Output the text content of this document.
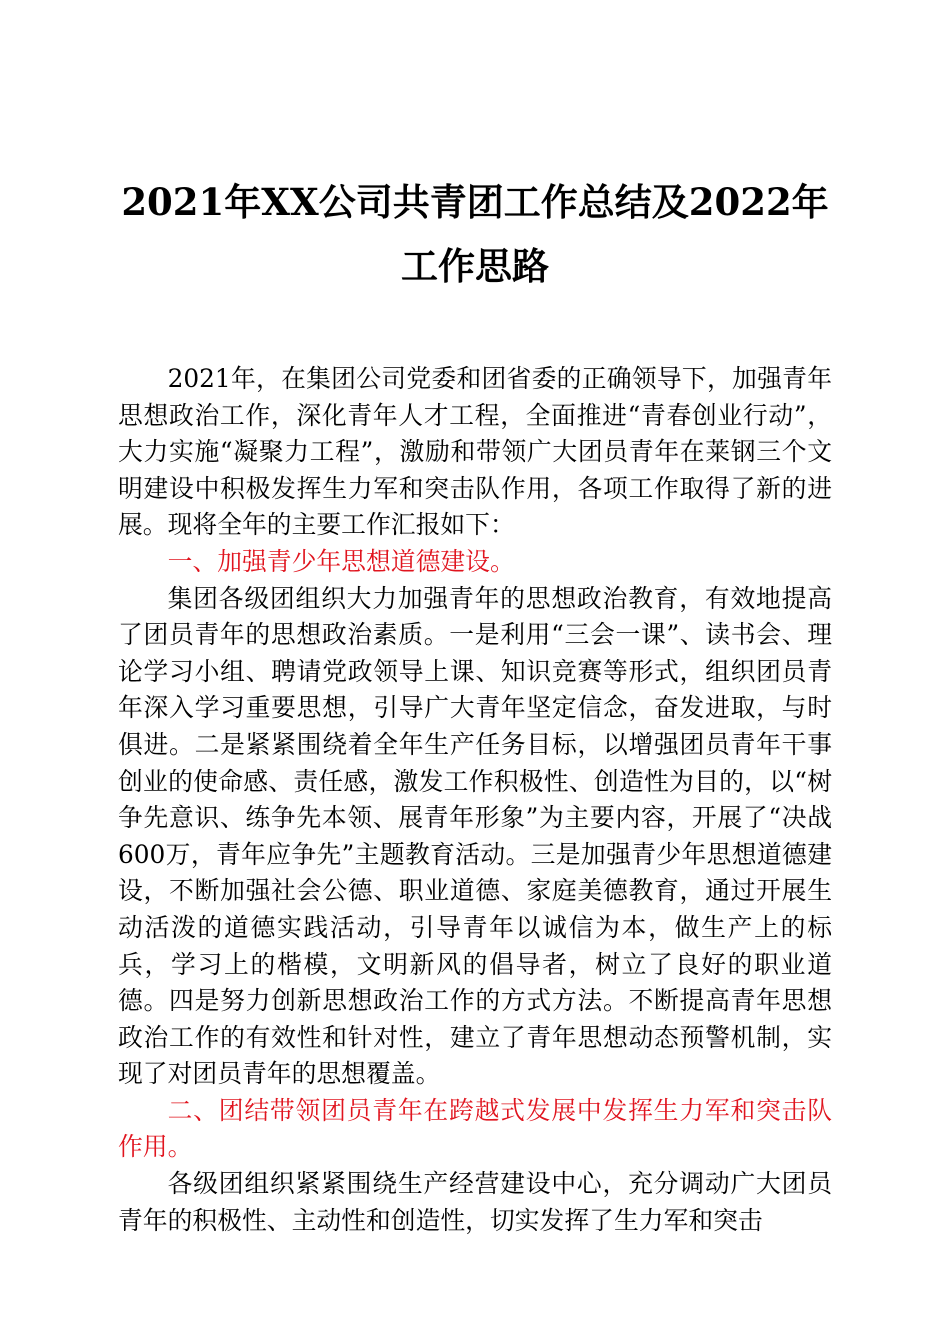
2021年XX公司共青团工作总结及2022年工作思路

2021年，在集团公司党委和团省委的正确领导下，加强青年思想政治工作，深化青年人才工程，全面推进“青春创业行动”，大力实施“凝聚力工程”，激励和带领广大团员青年在莱钢三个文明建设中积极发挥生力军和突击队作用，各项工作取得了新的进展。现将全年的主要工作汇报如下：

一、加强青少年思想道德建设。

集团各级团组织大力加强青年的思想政治教育，有效地提高了团员青年的思想政治素质。一是利用“三会一课”、读书会、理论学习小组、聘请党政领导上课、知识竞赛等形式，组织团员青年深入学习重要思想，引导广大青年坚定信念，奋发进取，与时俱进。二是紧紧围绕着全年生产任务目标，以增强团员青年干事创业的使命感、责任感，激发工作积极性、创造性为目的，以“树争先意识、练争先本领、展青年形象”为主要内容，开展了“决战600万，青年应争先”主题教育活动。三是加强青少年思想道德建设，不断加强社会公德、职业道德、家庭美德教育，通过开展生动活泼的道德实践活动，引导青年以诚信为本，做生产上的标兵，学习上的楷模，文明新风的倡导者，树立了良好的职业道德。四是努力创新思想政治工作的方式方法。不断提高青年思想政治工作的有效性和针对性，建立了青年思想动态预警机制，实现了对团员青年的思想覆盖。

二、团结带领团员青年在跨越式发展中发挥生力军和突击队作用。

各级团组织紧紧围绕生产经营建设中心，充分调动广大团员青年的积极性、主动性和创造性，切实发挥了生力军和突击
